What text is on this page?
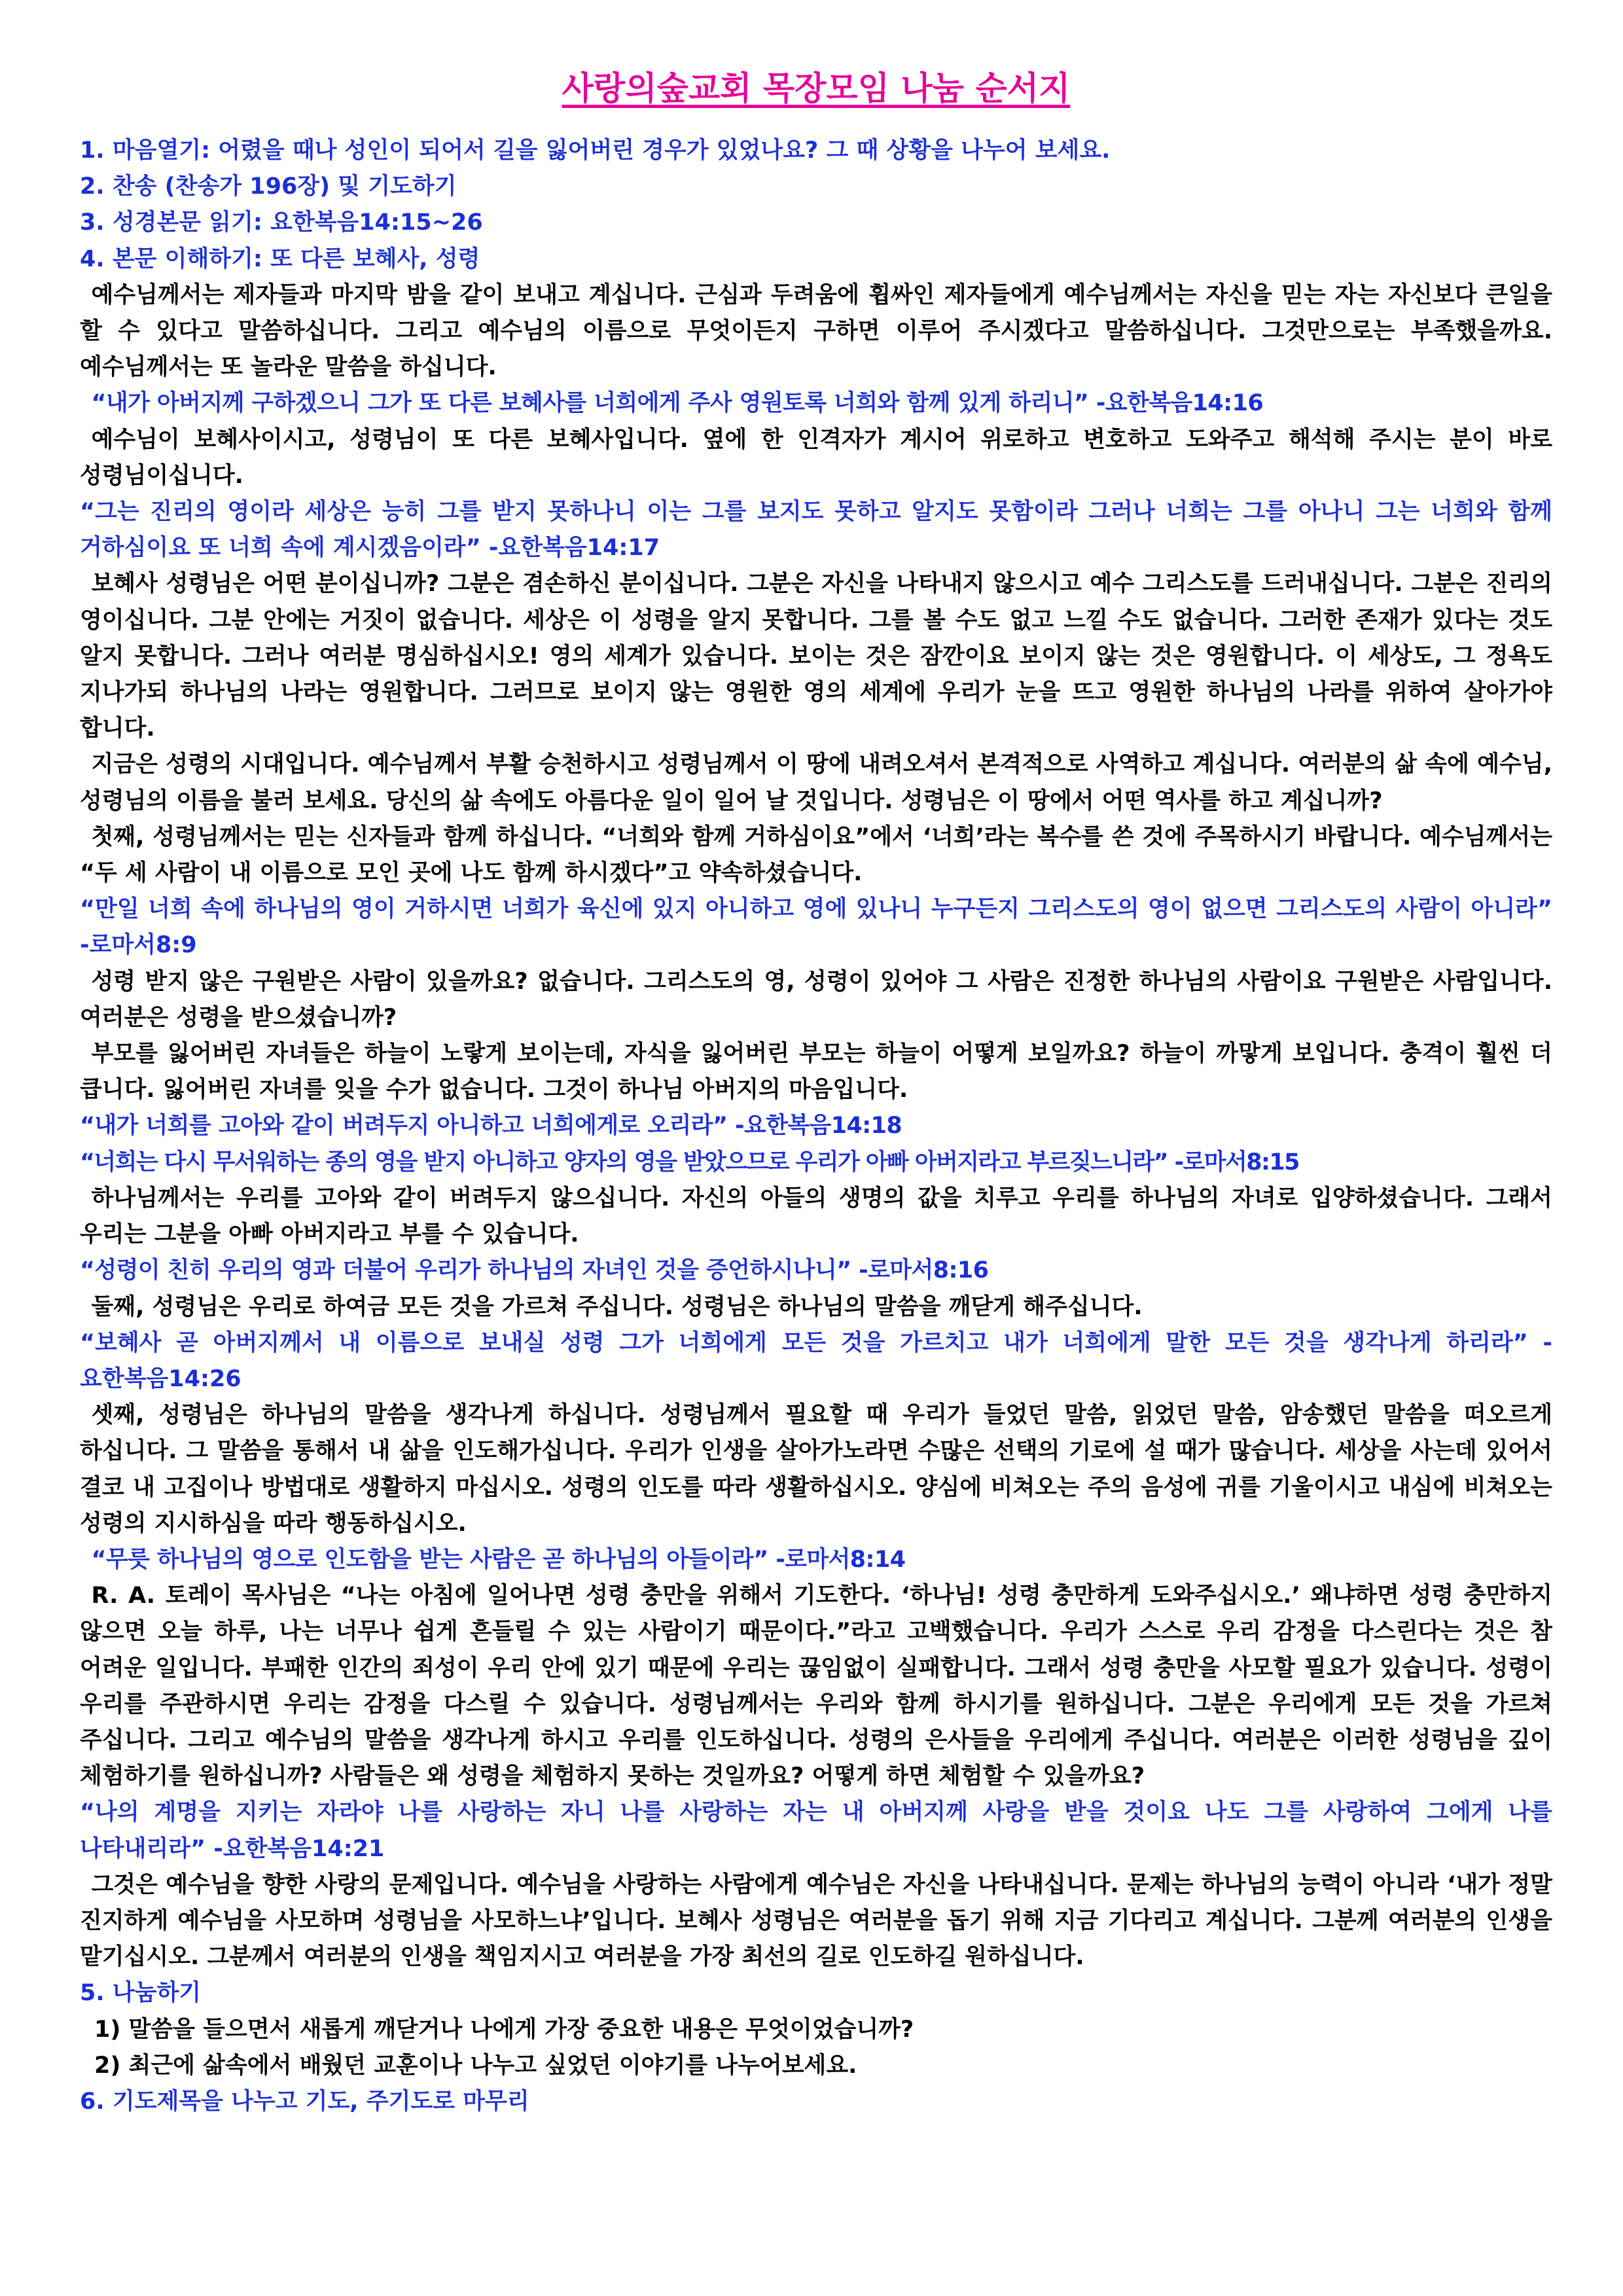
사랑의숲교회 목장모임 나눔 순서지

1. 마음열기: 어렸을 때나 성인이 되어서 길을 잃어버린 경우가 있었나요? 그 때 상황을 나누어 보세요.

2. 찬송 (찬송가 196장) 및 기도하기

3. 성경본문 읽기: 요한복음14:15~26

4. 본문 이해하기: 또 다른 보혜사, 성령

예수님께서는 제자들과 마지막 밤을 같이 보내고 계십니다. 근심과 두려움에 휩싸인 제자들에게 예수님께서는 자신을 믿는 자는 자신보다 큰일을 할 수 있다고 말씀하십니다. 그리고 예수님의 이름으로 무엇이든지 구하면 이루어 주시겠다고 말씀하십니다. 그것만으로는 부족했을까요. 예수님께서는 또 놀라운 말씀을 하십니다.

“내가 아버지께 구하겠으니 그가 또 다른 보혜사를 너희에게 주사 영원토록 너희와 함께 있게 하리니” -요한복음14:16

예수님이 보혜사이시고, 성령님이 또 다른 보혜사입니다. 옆에 한 인격자가 계시어 위로하고 변호하고 도와주고 해석해 주시는 분이 바로 성령님이십니다.

“그는 진리의 영이라 세상은 능히 그를 받지 못하나니 이는 그를 보지도 못하고 알지도 못함이라 그러나 너희는 그를 아나니 그는 너희와 함께 거하심이요 또 너희 속에 계시겠음이라” -요한복음14:17

보혜사 성령님은 어떤 분이십니까? 그분은 겸손하신 분이십니다. 그분은 자신을 나타내지 않으시고 예수 그리스도를 드러내십니다. 그분은 진리의 영이십니다. 그분 안에는 거짓이 없습니다. 세상은 이 성령을 알지 못합니다. 그를 볼 수도 없고 느낄 수도 없습니다. 그러한 존재가 있다는 것도 알지 못합니다. 그러나 여러분 명심하십시오! 영의 세계가 있습니다. 보이는 것은 잠깐이요 보이지 않는 것은 영원합니다. 이 세상도, 그 정욕도 지나가되 하나님의 나라는 영원합니다. 그러므로 보이지 않는 영원한 영의 세계에 우리가 눈을 뜨고 영원한 하나님의 나라를 위하여 살아가야 합니다.

지금은 성령의 시대입니다. 예수님께서 부활 승천하시고 성령님께서 이 땅에 내려오셔서 본격적으로 사역하고 계십니다. 여러분의 삶 속에 예수님, 성령님의 이름을 불러 보세요. 당신의 삶 속에도 아름다운 일이 일어 날 것입니다. 성령님은 이 땅에서 어떤 역사를 하고 계십니까?

첫째, 성령님께서는 믿는 신자들과 함께 하십니다. “너희와 함께 거하심이요”에서 ‘너희’라는 복수를 쓴 것에 주목하시기 바랍니다. 예수님께서는 “두 세 사람이 내 이름으로 모인 곳에 나도 함께 하시겠다”고 약속하셨습니다.

“만일 너희 속에 하나님의 영이 거하시면 너희가 육신에 있지 아니하고 영에 있나니 누구든지 그리스도의 영이 없으면 그리스도의 사람이 아니라” -로마서8:9

성령 받지 않은 구원받은 사람이 있을까요? 없습니다. 그리스도의 영, 성령이 있어야 그 사람은 진정한 하나님의 사람이요 구원받은 사람입니다. 여러분은 성령을 받으셨습니까?

부모를 잃어버린 자녀들은 하늘이 노랗게 보이는데, 자식을 잃어버린 부모는 하늘이 어떻게 보일까요? 하늘이 까맣게 보입니다. 충격이 훨씬 더 큽니다. 잃어버린 자녀를 잊을 수가 없습니다. 그것이 하나님 아버지의 마음입니다.

“내가 너희를 고아와 같이 버려두지 아니하고 너희에게로 오리라” -요한복음14:18

“너희는 다시 무서워하는 종의 영을 받지 아니하고 양자의 영을 받았으므로 우리가 아빠 아버지라고 부르짖느니라” -로마서8:15

하나님께서는 우리를 고아와 같이 버려두지 않으십니다. 자신의 아들의 생명의 값을 치루고 우리를 하나님의 자녀로 입양하셨습니다. 그래서 우리는 그분을 아빠 아버지라고 부를 수 있습니다.

“성령이 친히 우리의 영과 더불어 우리가 하나님의 자녀인 것을 증언하시나니” -로마서8:16

둘째, 성령님은 우리로 하여금 모든 것을 가르쳐 주십니다. 성령님은 하나님의 말씀을 깨닫게 해주십니다.

“보혜사 곧 아버지께서 내 이름으로 보내실 성령 그가 너희에게 모든 것을 가르치고 내가 너희에게 말한 모든 것을 생각나게 하리라” -요한복음14:26

셋째, 성령님은 하나님의 말씀을 생각나게 하십니다. 성령님께서 필요할 때 우리가 들었던 말씀, 읽었던 말씀, 암송했던 말씀을 떠오르게 하십니다. 그 말씀을 통해서 내 삶을 인도해가십니다. 우리가 인생을 살아가노라면 수많은 선택의 기로에 설 때가 많습니다. 세상을 사는데 있어서 결코 내 고집이나 방법대로 생활하지 마십시오. 성령의 인도를 따라 생활하십시오. 양심에 비쳐오는 주의 음성에 귀를 기울이시고 내심에 비쳐오는 성령의 지시하심을 따라 행동하십시오.

“무릇 하나님의 영으로 인도함을 받는 사람은 곧 하나님의 아들이라” -로마서8:14

R. A. 토레이 목사님은 “나는 아침에 일어나면 성령 충만을 위해서 기도한다. ‘하나님! 성령 충만하게 도와주십시오.’ 왜냐하면 성령 충만하지 않으면 오늘 하루, 나는 너무나 쉽게 흔들릴 수 있는 사람이기 때문이다.”라고 고백했습니다. 우리가 스스로 우리 감정을 다스린다는 것은 참 어려운 일입니다. 부패한 인간의 죄성이 우리 안에 있기 때문에 우리는 끊임없이 실패합니다. 그래서 성령 충만을 사모할 필요가 있습니다. 성령이 우리를 주관하시면 우리는 감정을 다스릴 수 있습니다. 성령님께서는 우리와 함께 하시기를 원하십니다. 그분은 우리에게 모든 것을 가르쳐 주십니다. 그리고 예수님의 말씀을 생각나게 하시고 우리를 인도하십니다. 성령의 은사들을 우리에게 주십니다. 여러분은 이러한 성령님을 깊이 체험하기를 원하십니까? 사람들은 왜 성령을 체험하지 못하는 것일까요? 어떻게 하면 체험할 수 있을까요?

“나의 계명을 지키는 자라야 나를 사랑하는 자니 나를 사랑하는 자는 내 아버지께 사랑을 받을 것이요 나도 그를 사랑하여 그에게 나를 나타내리라” -요한복음14:21

그것은 예수님을 향한 사랑의 문제입니다. 예수님을 사랑하는 사람에게 예수님은 자신을 나타내십니다. 문제는 하나님의 능력이 아니라 ‘내가 정말 진지하게 예수님을 사모하며 성령님을 사모하느냐’입니다. 보혜사 성령님은 여러분을 돕기 위해 지금 기다리고 계십니다. 그분께 여러분의 인생을 맡기십시오. 그분께서 여러분의 인생을 책임지시고 여러분을 가장 최선의 길로 인도하길 원하십니다.

5. 나눔하기

1) 말씀을 들으면서 새롭게 깨닫거나 나에게 가장 중요한 내용은 무엇이었습니까?

2) 최근에 삶속에서 배웠던 교훈이나 나누고 싶었던 이야기를 나누어보세요.

6. 기도제목을 나누고 기도, 주기도로 마무리
